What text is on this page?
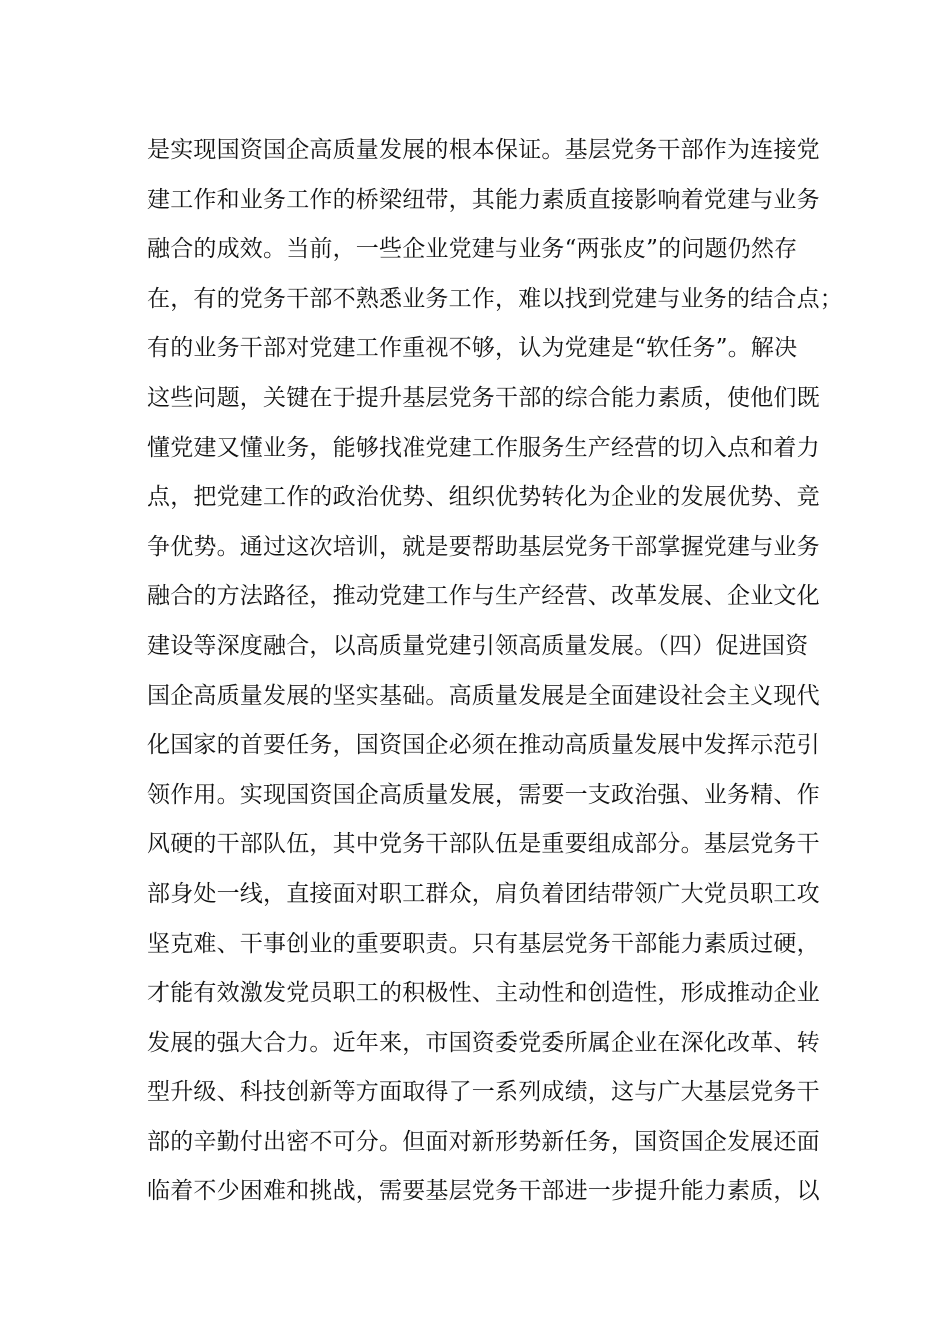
是实现国资国企高质量发展的根本保证。基层党务干部作为连接党
建工作和业务工作的桥梁纽带，其能力素质直接影响着党建与业务
融合的成效。当前，一些企业党建与业务“两张皮”的问题仍然存
在，有的党务干部不熟悉业务工作，难以找到党建与业务的结合点；
有的业务干部对党建工作重视不够，认为党建是“软任务”。解决
这些问题，关键在于提升基层党务干部的综合能力素质，使他们既
懂党建又懂业务，能够找准党建工作服务生产经营的切入点和着力
点，把党建工作的政治优势、组织优势转化为企业的发展优势、竞
争优势。通过这次培训，就是要帮助基层党务干部掌握党建与业务
融合的方法路径，推动党建工作与生产经营、改革发展、企业文化
建设等深度融合，以高质量党建引领高质量发展。（四）促进国资
国企高质量发展的坚实基础。高质量发展是全面建设社会主义现代
化国家的首要任务，国资国企必须在推动高质量发展中发挥示范引
领作用。实现国资国企高质量发展，需要一支政治强、业务精、作
风硬的干部队伍，其中党务干部队伍是重要组成部分。基层党务干
部身处一线，直接面对职工群众，肩负着团结带领广大党员职工攻
坚克难、干事创业的重要职责。只有基层党务干部能力素质过硬，
才能有效激发党员职工的积极性、主动性和创造性，形成推动企业
发展的强大合力。近年来，市国资委党委所属企业在深化改革、转
型升级、科技创新等方面取得了一系列成绩，这与广大基层党务干
部的辛勤付出密不可分。但面对新形势新任务，国资国企发展还面
临着不少困难和挑战，需要基层党务干部进一步提升能力素质，以
